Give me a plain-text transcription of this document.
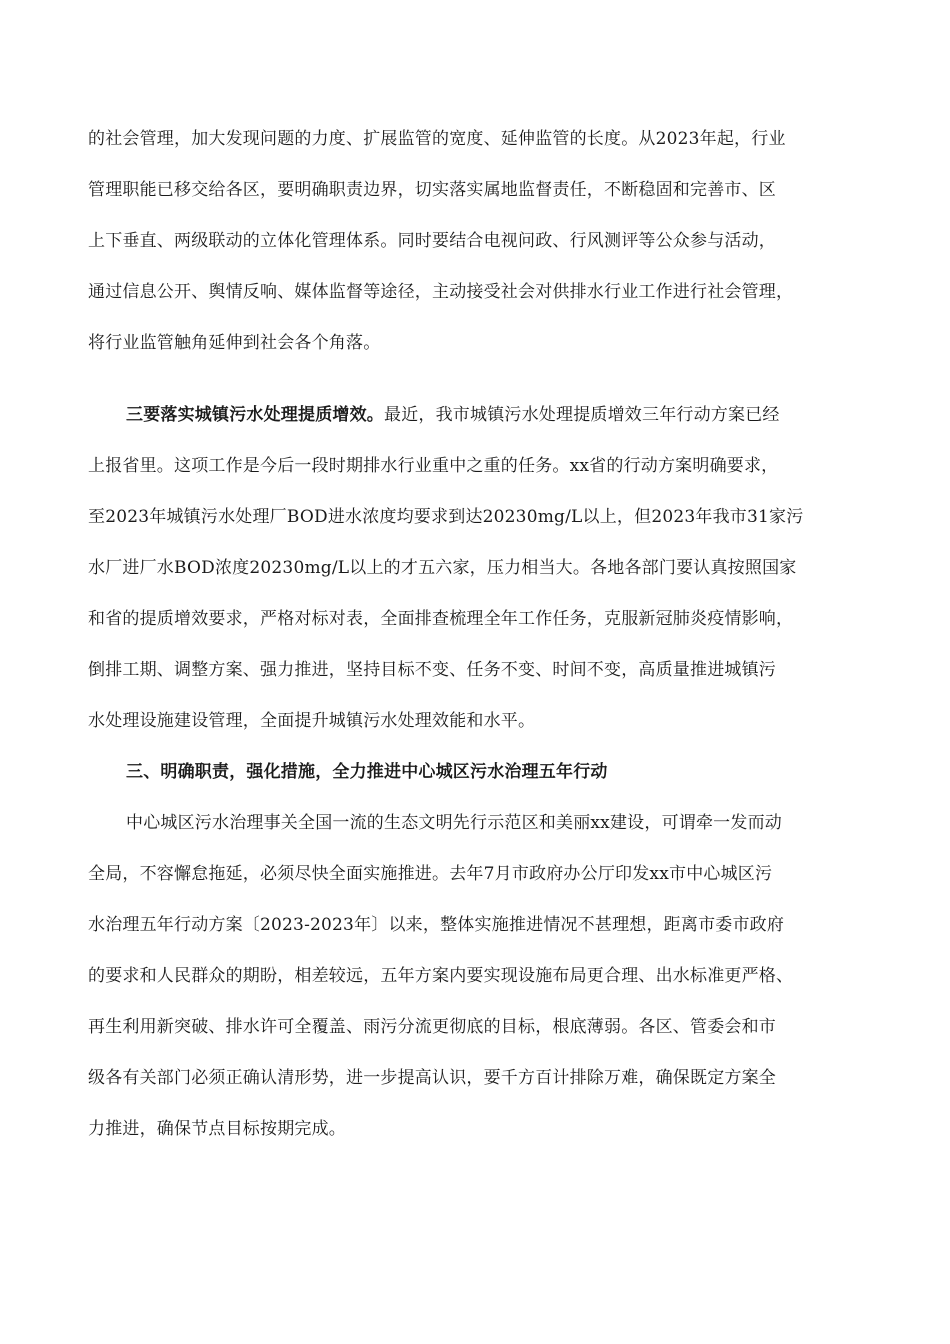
的社会管理，加大发现问题的力度、扩展监管的宽度、延伸监管的长度。从2023年起，行业
管理职能已移交给各区，要明确职责边界，切实落实属地监督责任，不断稳固和完善市、区
上下垂直、两级联动的立体化管理体系。同时要结合电视问政、行风测评等公众参与活动，
通过信息公开、舆情反响、媒体监督等途径，主动接受社会对供排水行业工作进行社会管理，
将行业监管触角延伸到社会各个角落。
三要落实城镇污水处理提质增效。最近，我市城镇污水处理提质增效三年行动方案已经
上报省里。这项工作是今后一段时期排水行业重中之重的任务。xx省的行动方案明确要求，
至2023年城镇污水处理厂BOD进水浓度均要求到达20230mg/L以上，但2023年我市31家污
水厂进厂水BOD浓度20230mg/L以上的才五六家，压力相当大。各地各部门要认真按照国家
和省的提质增效要求，严格对标对表，全面排查梳理全年工作任务，克服新冠肺炎疫情影响，
倒排工期、调整方案、强力推进，坚持目标不变、任务不变、时间不变，高质量推进城镇污
水处理设施建设管理，全面提升城镇污水处理效能和水平。
三、明确职责，强化措施，全力推进中心城区污水治理五年行动
中心城区污水治理事关全国一流的生态文明先行示范区和美丽xx建设，可谓牵一发而动
全局，不容懈怠拖延，必须尽快全面实施推进。去年7月市政府办公厅印发xx市中心城区污
水治理五年行动方案〔2023-2023年〕以来，整体实施推进情况不甚理想，距离市委市政府
的要求和人民群众的期盼，相差较远，五年方案内要实现设施布局更合理、出水标准更严格、
再生利用新突破、排水许可全覆盖、雨污分流更彻底的目标，根底薄弱。各区、管委会和市
级各有关部门必须正确认清形势，进一步提高认识，要千方百计排除万难，确保既定方案全
力推进，确保节点目标按期完成。
